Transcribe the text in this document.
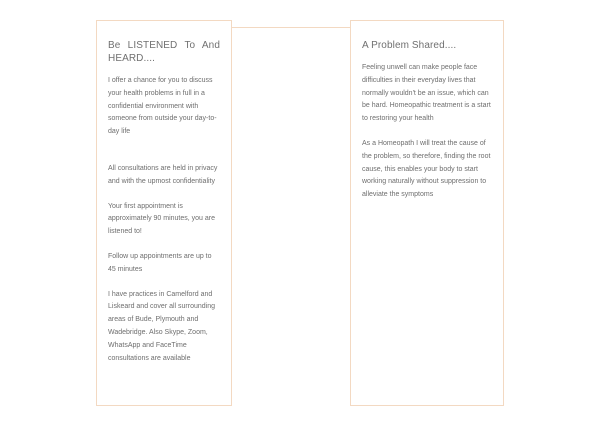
Be LISTENED To And HEARD....

I offer a chance for you to discuss your health problems in full in a confidential environment with someone from outside your day-to-day life

All consultations are held in privacy and with the upmost confidentiality

Your first appointment is approximately 90 minutes, you are listened to!

Follow up appointments are up to 45 minutes

I have practices in Camelford and Liskeard and cover all surrounding areas of Bude, Plymouth and Wadebridge. Also Skype, Zoom, WhatsApp and FaceTime consultations are available

A Problem Shared....

Feeling unwell can make people face difficulties in their everyday lives that normally wouldn't be an issue, which can be hard. Homeopathic treatment is a start to restoring your health

As a Homeopath I will treat the cause of the problem, so therefore, finding the root cause, this enables your body to start working naturally without suppression to alleviate the symptoms
